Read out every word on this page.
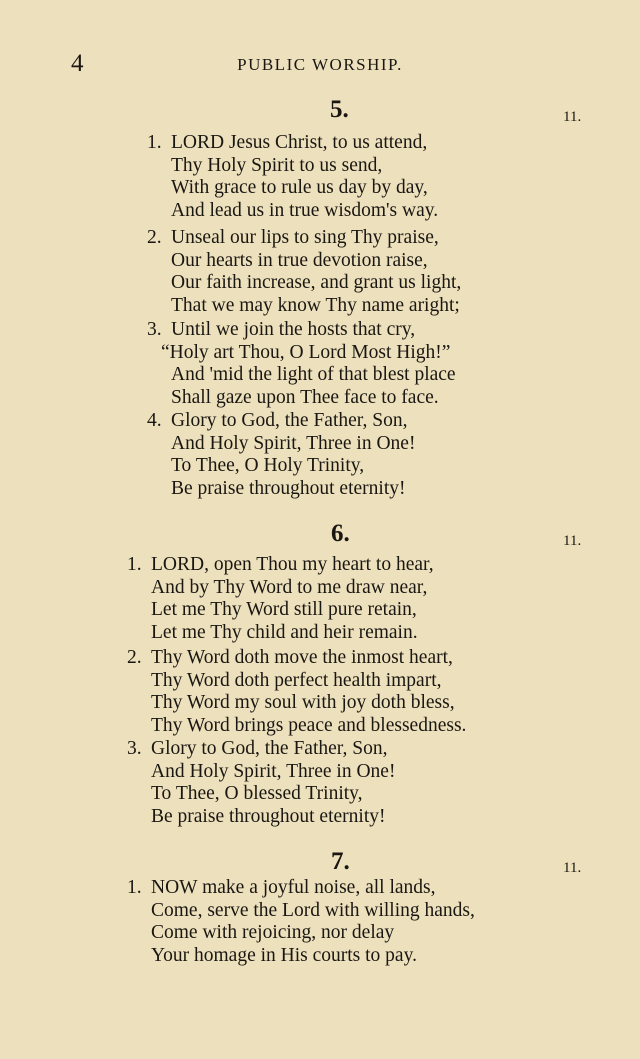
4	PUBLIC WORSHIP.
5.	11.
1. LORD Jesus Christ, to us attend,
Thy Holy Spirit to us send,
With grace to rule us day by day,
And lead us in true wisdom's way.
2. Unseal our lips to sing Thy praise,
Our hearts in true devotion raise,
Our faith increase, and grant us light,
That we may know Thy name aright;
3. Until we join the hosts that cry,
“Holy art Thou, O Lord Most High!”
And 'mid the light of that blest place
Shall gaze upon Thee face to face.
4. Glory to God, the Father, Son,
And Holy Spirit, Three in One!
To Thee, O Holy Trinity,
Be praise throughout eternity!
6.	11.
1. LORD, open Thou my heart to hear,
And by Thy Word to me draw near,
Let me Thy Word still pure retain,
Let me Thy child and heir remain.
2. Thy Word doth move the inmost heart,
Thy Word doth perfect health impart,
Thy Word my soul with joy doth bless,
Thy Word brings peace and blessedness.
3. Glory to God, the Father, Son,
And Holy Spirit, Three in One!
To Thee, O blessed Trinity,
Be praise throughout eternity!
7.	11.
1. NOW make a joyful noise, all lands,
Come, serve the Lord with willing hands,
Come with rejoicing, nor delay
Your homage in His courts to pay.
